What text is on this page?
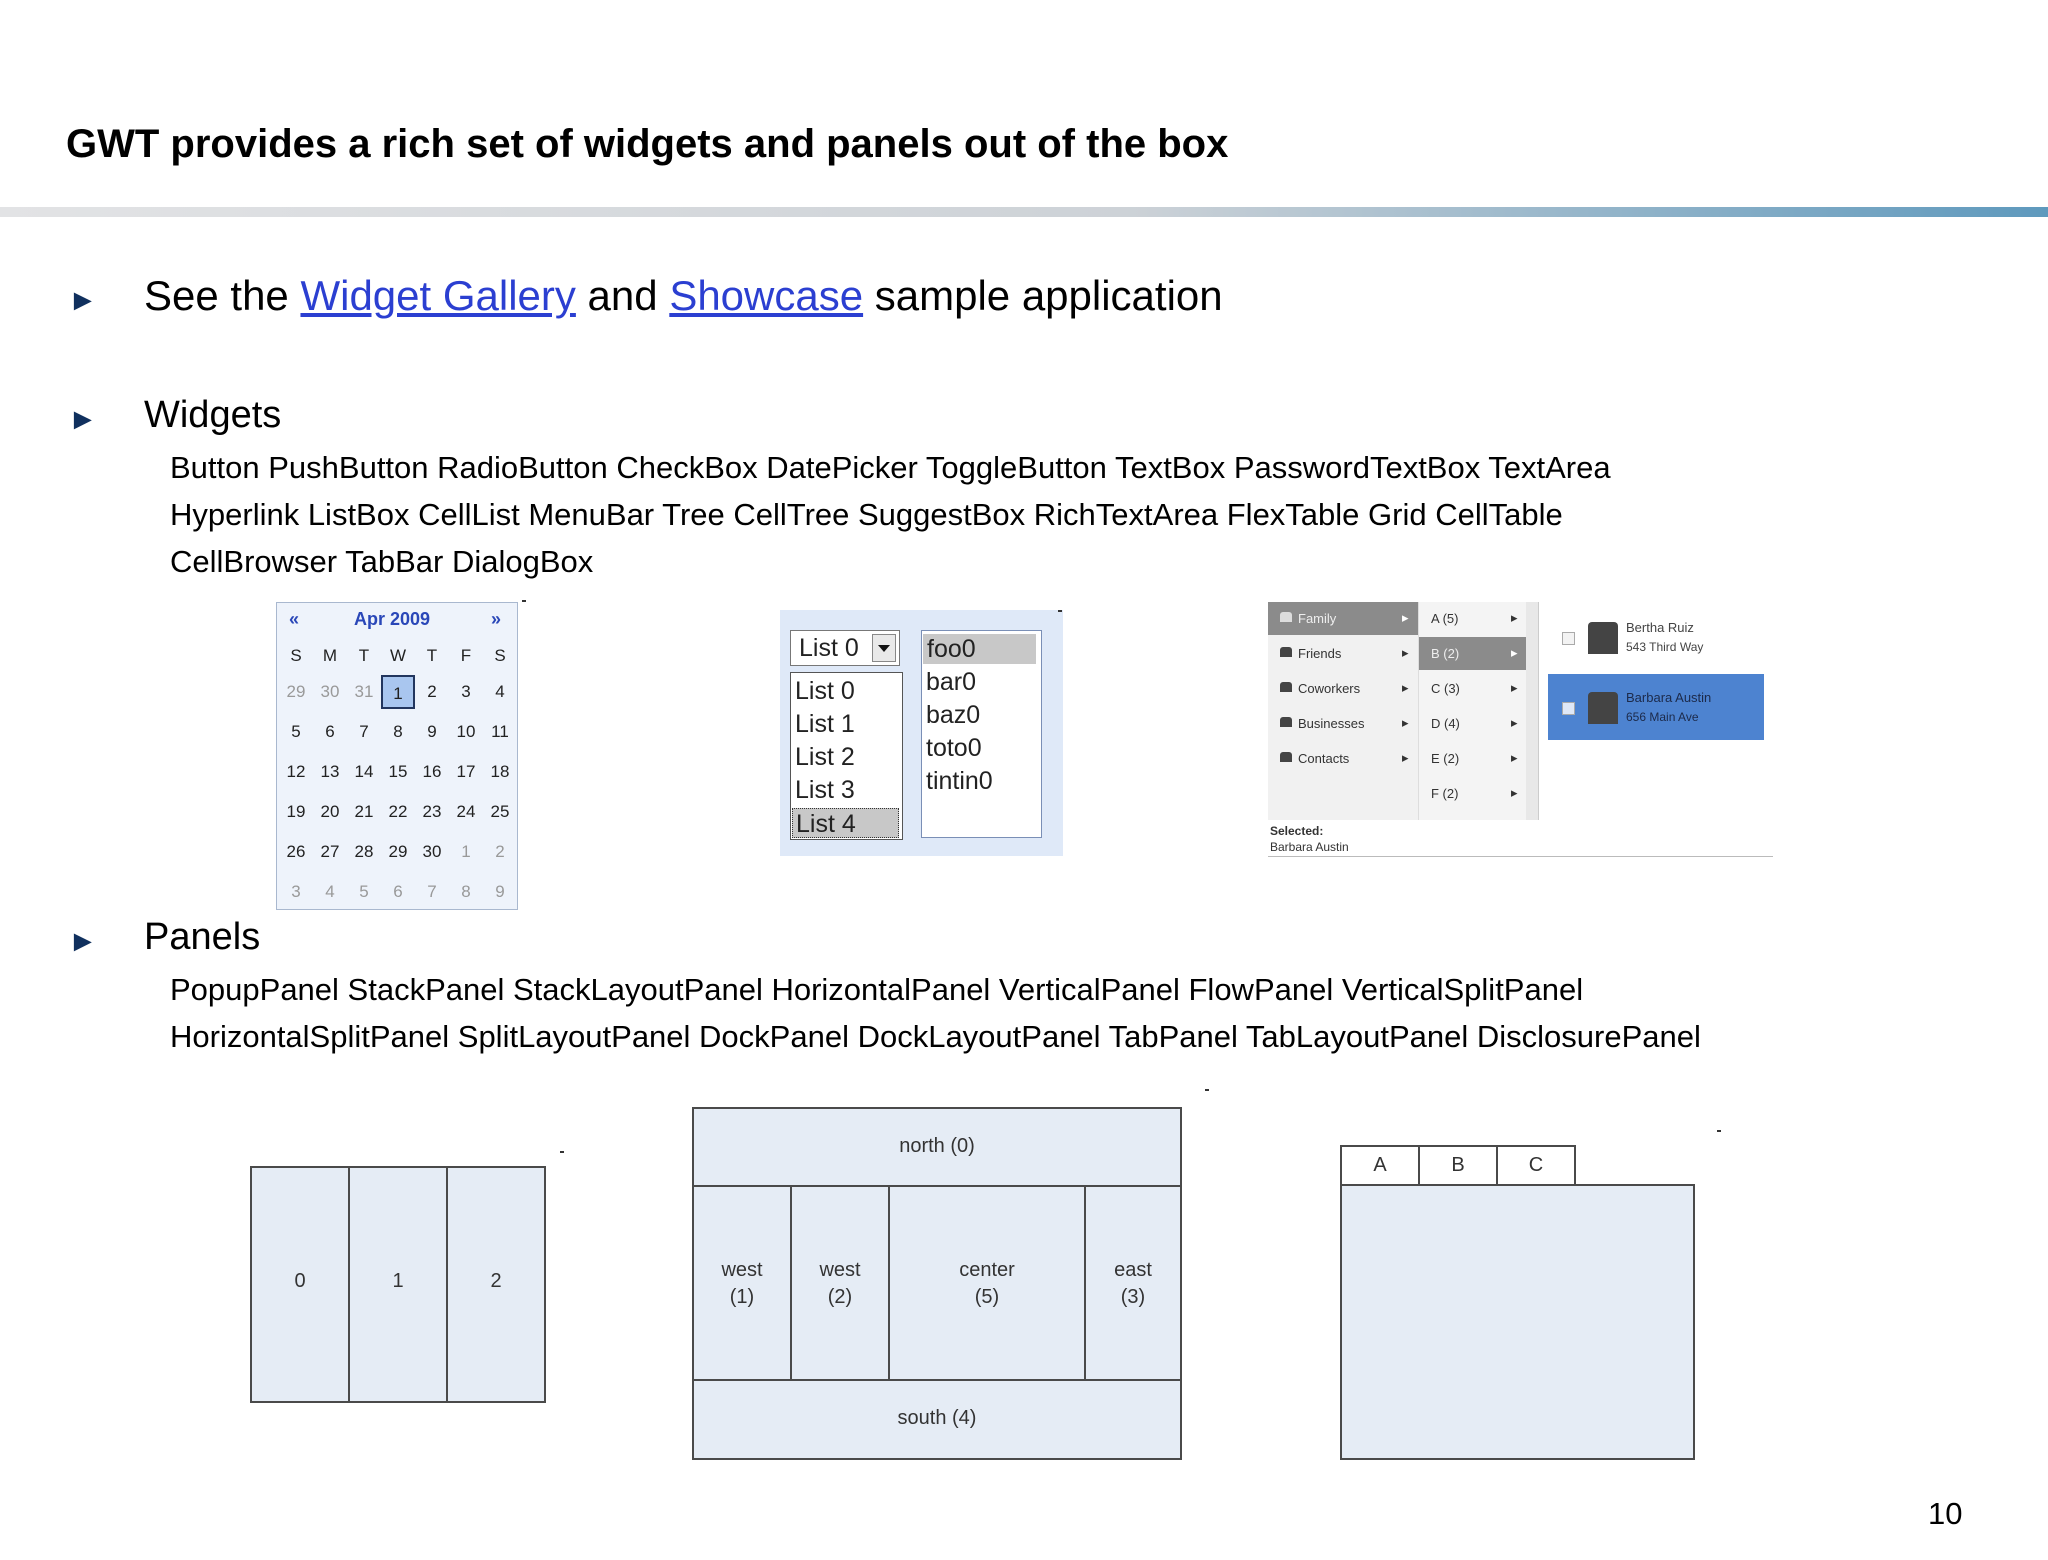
GWT provides a rich set of widgets and panels out of the box
► See the Widget Gallery and Showcase sample application
► Widgets
Button PushButton RadioButton CheckBox DatePicker ToggleButton TextBox PasswordTextBox TextArea
Hyperlink ListBox CellList MenuBar Tree CellTree SuggestBox RichTextArea FlexTable Grid CellTable
CellBrowser TabBar DialogBox
«	Apr 2009	»
S	M	T	W	T	F	S
29 30 31	1	2	3	4
5	6	7	8	9	10 11
12 13 14 15 16 17 18
19 20 21 22 23 24 25
26 27 28 29 30	1	2
3	4	5	6	7	8	9
List 0
List 0
List 1
List 2
List 3
List 4
foo0
bar0
baz0
toto0
tintin0
Selected:
Barbara Austin
Family	▸
Friends	▸
Coworkers	▸
Businesses	▸
Contacts	▸
A (5)	▸
B (2)	▸
C (3)	▸
D (4)	▸
E (2)	▸
F (2)	▸
Bertha Ruiz
543 Third Way
Barbara Austin
656 Main Ave
► Panels
PopupPanel StackPanel StackLayoutPanel HorizontalPanel VerticalPanel FlowPanel VerticalSplitPanel
HorizontalSplitPanel SplitLayoutPanel DockPanel DockLayoutPanel TabPanel TabLayoutPanel DisclosurePanel
0	1	2
north (0)
west
(1)
west
(2)
center
(5)
east
(3)
south (4)
A	B	C
10
